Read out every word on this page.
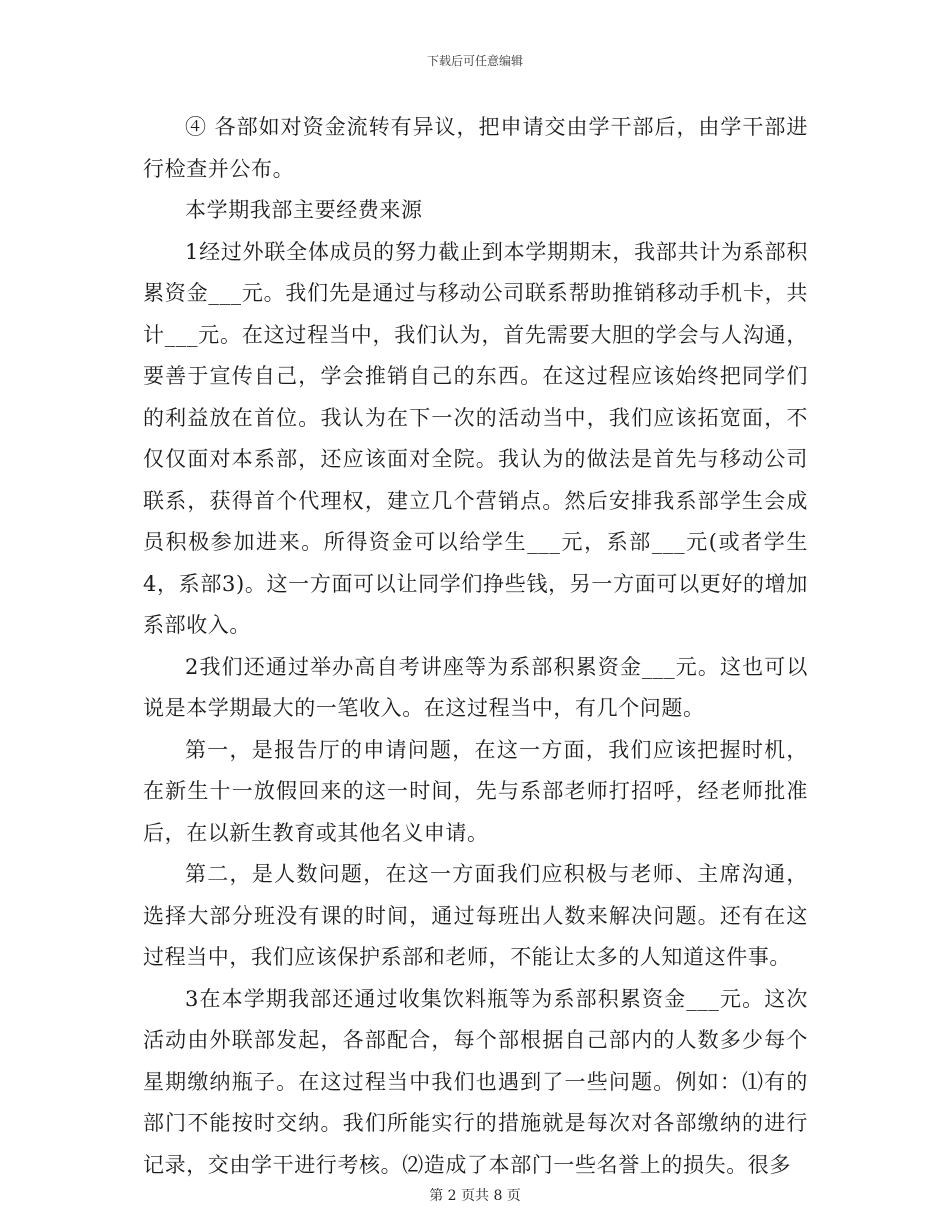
下载后可任意编辑

④ 各部如对资金流转有异议，把申请交由学干部后，由学干部进行检查并公布。

本学期我部主要经费来源

1经过外联全体成员的努力截止到本学期期末，我部共计为系部积累资金___元。我们先是通过与移动公司联系帮助推销移动手机卡，共计___元。在这过程当中，我们认为，首先需要大胆的学会与人沟通，要善于宣传自己，学会推销自己的东西。在这过程应该始终把同学们的利益放在首位。我认为在下一次的活动当中，我们应该拓宽面，不仅仅面对本系部，还应该面对全院。我认为的做法是首先与移动公司联系，获得首个代理权，建立几个营销点。然后安排我系部学生会成员积极参加进来。所得资金可以给学生___元，系部___元(或者学生4，系部3)。这一方面可以让同学们挣些钱，另一方面可以更好的增加系部收入。

2我们还通过举办高自考讲座等为系部积累资金___元。这也可以说是本学期最大的一笔收入。在这过程当中，有几个问题。

第一，是报告厅的申请问题，在这一方面，我们应该把握时机，在新生十一放假回来的这一时间，先与系部老师打招呼，经老师批准后，在以新生教育或其他名义申请。

第二，是人数问题，在这一方面我们应积极与老师、主席沟通，选择大部分班没有课的时间，通过每班出人数来解决问题。还有在这过程当中，我们应该保护系部和老师，不能让太多的人知道这件事。

3在本学期我部还通过收集饮料瓶等为系部积累资金___元。这次活动由外联部发起，各部配合，每个部根据自己部内的人数多少每个星期缴纳瓶子。在这过程当中我们也遇到了一些问题。例如：⑴有的部门不能按时交纳。我们所能实行的措施就是每次对各部缴纳的进行记录，交由学干进行考核。⑵造成了本部门一些名誉上的损失。很多

第 2 页共 8 页
